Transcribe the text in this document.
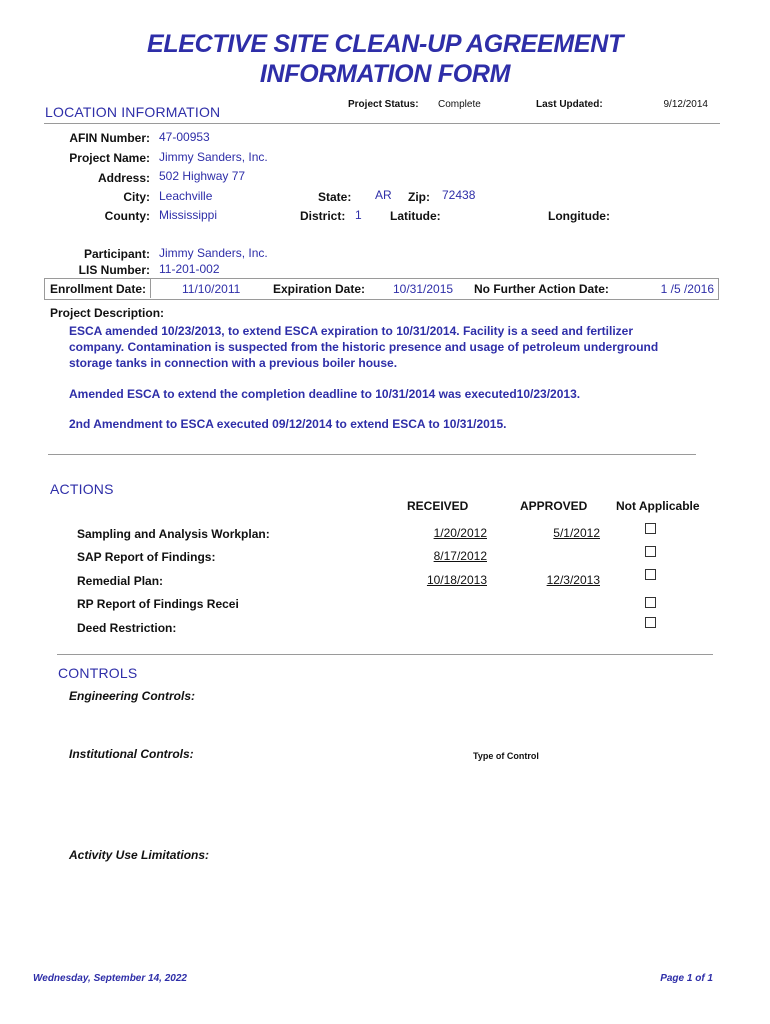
ELECTIVE SITE CLEAN-UP AGREEMENT
INFORMATION FORM
LOCATION INFORMATION	Project Status: Complete	Last Updated:	9/12/2014
AFIN Number: 47-00953
Project Name: Jimmy Sanders, Inc.
Address: 502 Highway 77
City: Leachville
County: Mississippi
State: AR Zip: 72438
District: 1 Latitude:	Longitude:
Participant: Jimmy Sanders, Inc.
LIS Number: 11-201-002
Enrollment Date:	11/10/2011	Expiration Date: 10/31/2015 No Further Action Date:	1 /5 /2016
Project Description:
ESCA amended 10/23/2013, to extend ESCA expiration to 10/31/2014. Facility is a seed and fertilizer company. Contamination is suspected from the historic presence and usage of petroleum underground storage tanks in connection with a previous boiler house.
Amended ESCA to extend the completion deadline to 10/31/2014 was executed10/23/2013.
2nd Amendment to ESCA executed 09/12/2014 to extend ESCA to 10/31/2015.
ACTIONS
RECEIVED	APPROVED Not Applicable
Sampling and Analysis Workplan:	1/20/2012	5/1/2012
SAP Report of Findings:	8/17/2012
Remedial Plan:	10/18/2013	12/3/2013
RP Report of Findings Recei
Deed Restriction:
CONTROLS
Engineering Controls:
Institutional Controls:	Type of Control
Activity Use Limitations:
Wednesday, September 14, 2022	Page 1 of 1
